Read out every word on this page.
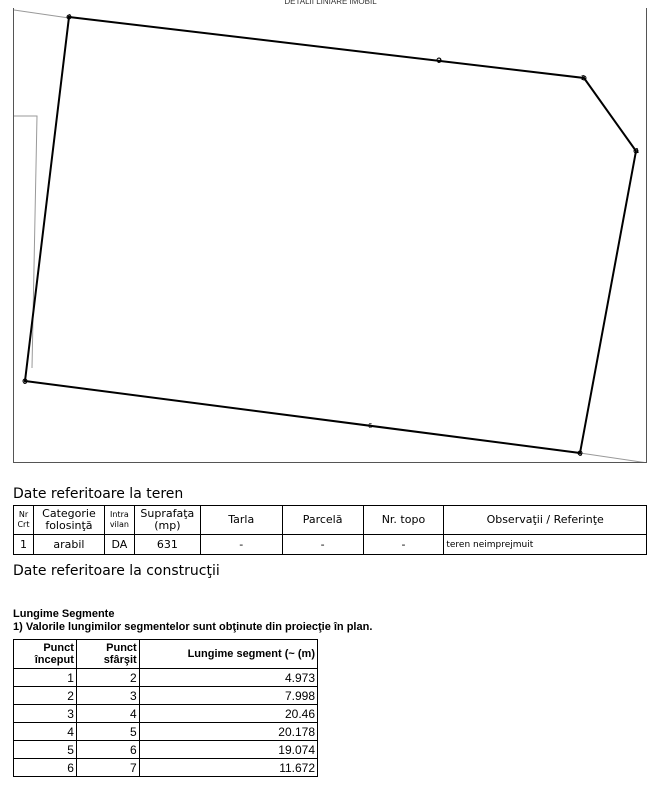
DETALII LINIARE IMOBIL
1
2
3
4
5
6
6
Date referitoare la teren
Nr Crt	Categorie folosinţă	Intra vilan	Suprafaţa (mp)	Tarla	Parcelă	Nr. topo	Observaţii / Referinţe
1	arabil	DA	631	-	-	-	teren neimprejmuit
Date referitoare la construcţii
Lungime Segmente
1) Valorile lungimilor segmentelor sunt obţinute din proiecţie în plan.
Punct început	Punct sfârşit	Lungime segment (~ (m)
1	2	4.973
2	3	7.998
3	4	20.46
4	5	20.178
5	6	19.074
6	7	11.672
